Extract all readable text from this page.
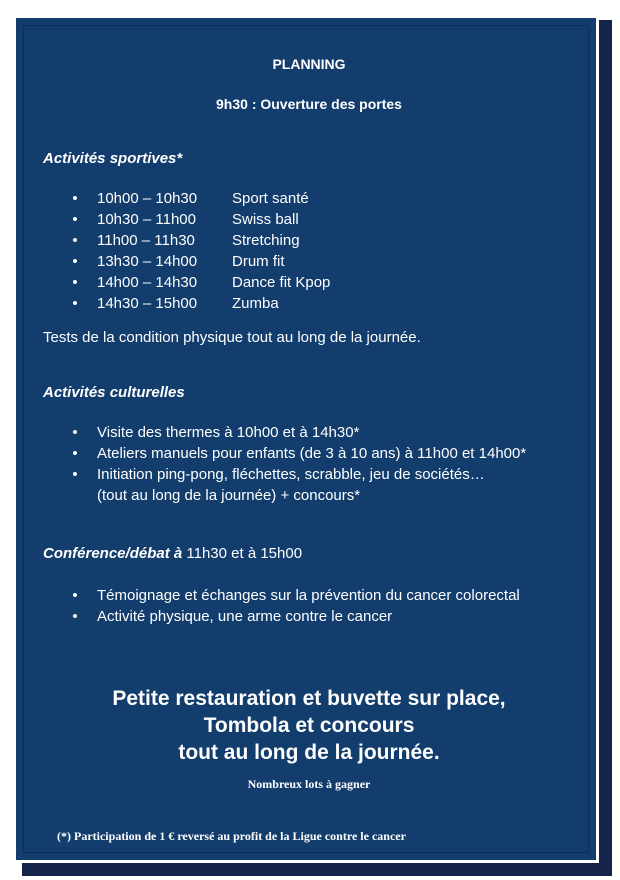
PLANNING
9h30 : Ouverture des portes
Activités sportives*
• 10h00 – 10h30 Sport santé
• 10h30 – 11h00 Swiss ball
• 11h00 – 11h30 Stretching
• 13h30 – 14h00 Drum fit
• 14h00 – 14h30 Dance fit Kpop
• 14h30 – 15h00 Zumba
Tests de la condition physique tout au long de la journée.
Activités culturelles
• Visite des thermes à 10h00 et à 14h30*
• Ateliers manuels pour enfants (de 3 à 10 ans) à 11h00 et 14h00*
• Initiation ping-pong, fléchettes, scrabble, jeu de sociétés…
(tout au long de la journée) + concours*
Conférence/débat à 11h30 et à 15h00
• Témoignage et échanges sur la prévention du cancer colorectal
• Activité physique, une arme contre le cancer
Petite restauration et buvette sur place,
Tombola et concours
tout au long de la journée.
Nombreux lots à gagner
(*) Participation de 1 € reversé au profit de la Ligue contre le cancer
